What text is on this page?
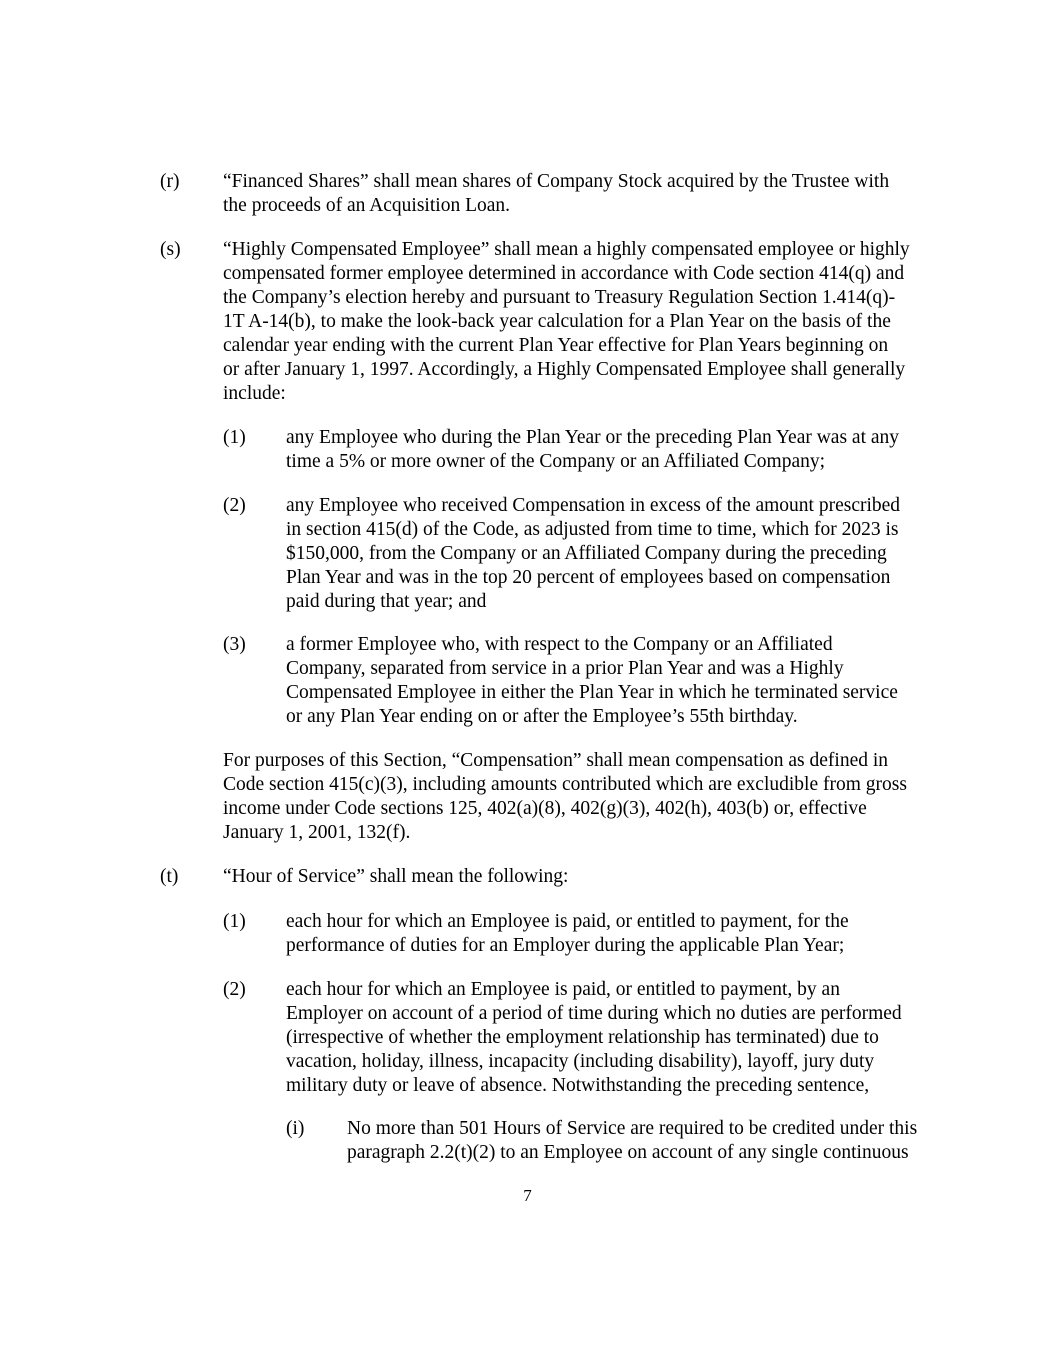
(r) “Financed Shares” shall mean shares of Company Stock acquired by the Trustee with
the proceeds of an Acquisition Loan.
(s) “Highly Compensated Employee” shall mean a highly compensated employee or highly
compensated former employee determined in accordance with Code section 414(q) and
the Company’s election hereby and pursuant to Treasury Regulation Section 1.414(q)-
1T A-14(b), to make the look-back year calculation for a Plan Year on the basis of the
calendar year ending with the current Plan Year effective for Plan Years beginning on
or after January 1, 1997. Accordingly, a Highly Compensated Employee shall generally
include:
(1) any Employee who during the Plan Year or the preceding Plan Year was at any
time a 5% or more owner of the Company or an Affiliated Company;
(2) any Employee who received Compensation in excess of the amount prescribed
in section 415(d) of the Code, as adjusted from time to time, which for 2023 is
$150,000, from the Company or an Affiliated Company during the preceding
Plan Year and was in the top 20 percent of employees based on compensation
paid during that year; and
(3) a former Employee who, with respect to the Company or an Affiliated
Company, separated from service in a prior Plan Year and was a Highly
Compensated Employee in either the Plan Year in which he terminated service
or any Plan Year ending on or after the Employee’s 55th birthday.
For purposes of this Section, “Compensation” shall mean compensation as defined in
Code section 415(c)(3), including amounts contributed which are excludible from gross
income under Code sections 125, 402(a)(8), 402(g)(3), 402(h), 403(b) or, effective
January 1, 2001, 132(f).
(t) “Hour of Service” shall mean the following:
(1) each hour for which an Employee is paid, or entitled to payment, for the
performance of duties for an Employer during the applicable Plan Year;
(2) each hour for which an Employee is paid, or entitled to payment, by an
Employer on account of a period of time during which no duties are performed
(irrespective of whether the employment relationship has terminated) due to
vacation, holiday, illness, incapacity (including disability), layoff, jury duty
military duty or leave of absence. Notwithstanding the preceding sentence,
(i) No more than 501 Hours of Service are required to be credited under this
paragraph 2.2(t)(2) to an Employee on account of any single continuous
7
